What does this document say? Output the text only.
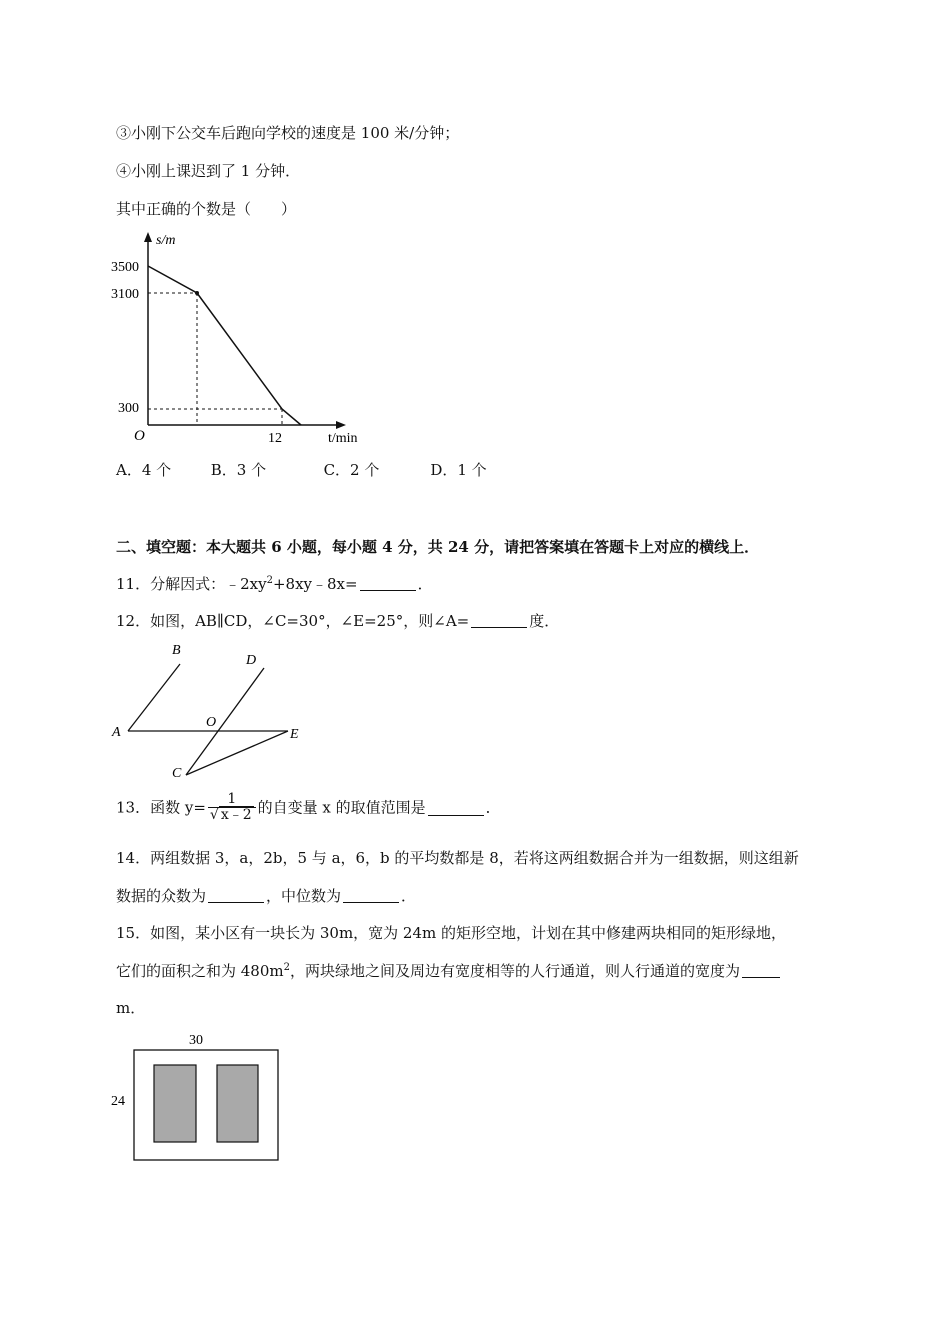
③小刚下公交车后跑向学校的速度是 100 米/分钟；
④小刚上课迟到了 1 分钟．
其中正确的个数是（　　）
s/m
t/min
O
3500
3100
300
12
A．4 个	B．3 个	C．2 个	D．1 个
二、填空题：本大题共 6 小题，每小题 4 分，共 24 分，请把答案填在答题卡上对应的横线上．
11．分解因式：$﹣2xy^2+8xy﹣8x=$	．
12．如图，AB∥CD，∠C=30°，∠E=25°，则∠A=	度．
A
B
C
D
E
O
13．函数 $y= \frac{1}{√ x﹣2}$ 的自变量 x 的取值范围是	．
14．两组数据 3，a，2b，5 与 a，6，b 的平均数都是 8，若将这两组数据合并为一组数据，则这组新
数据的众数为	，中位数为	．
15．如图，某小区有一块长为 30m，宽为 24m 的矩形空地，计划在其中修建两块相同的矩形绿地，
它们的面积之和为 $480m^2$，两块绿地之间及周边有宽度相等的人行通道，则人行通道的宽度为
m．
30
24
